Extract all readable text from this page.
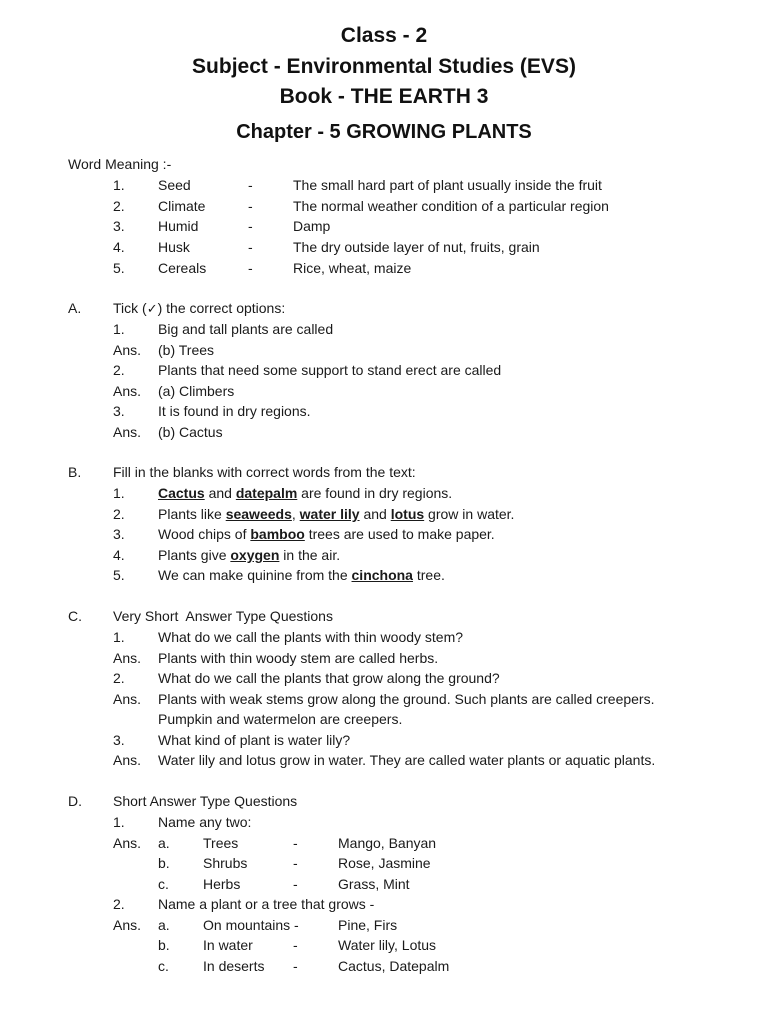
Class - 2
Subject - Environmental Studies (EVS)
Book - THE EARTH 3
Chapter - 5 GROWING PLANTS
Word Meaning :-
1. Seed	-	The small hard part of plant usually inside the fruit
2. Climate	-	The normal weather condition of a particular region
3. Humid	-	Damp
4. Husk	-	The dry outside layer of nut, fruits, grain
5. Cereals	-	Rice, wheat, maize
A. Tick (✓) the correct options:
1. Big and tall plants are called
Ans. (b) Trees
2. Plants that need some support to stand erect are called
Ans. (a) Climbers
3. It is found in dry regions.
Ans. (b) Cactus
B. Fill in the blanks with correct words from the text:
1. Cactus and datepalm are found in dry regions.
2. Plants like seaweeds, water lily and lotus grow in water.
3. Wood chips of bamboo trees are used to make paper.
4. Plants give oxygen in the air.
5. We can make quinine from the cinchona tree.
C. Very Short  Answer Type Questions
1. What do we call the plants with thin woody stem?
Ans. Plants with thin woody stem are called herbs.
2. What do we call the plants that grow along the ground?
Ans. Plants with weak stems grow along the ground. Such plants are called creepers.
Pumpkin and watermelon are creepers.
3. What kind of plant is water lily?
Ans. Water lily and lotus grow in water. They are called water plants or aquatic plants.
D. Short Answer Type Questions
1. Name any two:
Ans. a. Trees	-	Mango, Banyan
b. Shrubs	-	Rose, Jasmine
c. Herbs	-	Grass, Mint
2. Name a plant or a tree that grows -
Ans. a. On mountains -	Pine, Firs
b. In water	-	Water lily, Lotus
c. In deserts -	Cactus, Datepalm
